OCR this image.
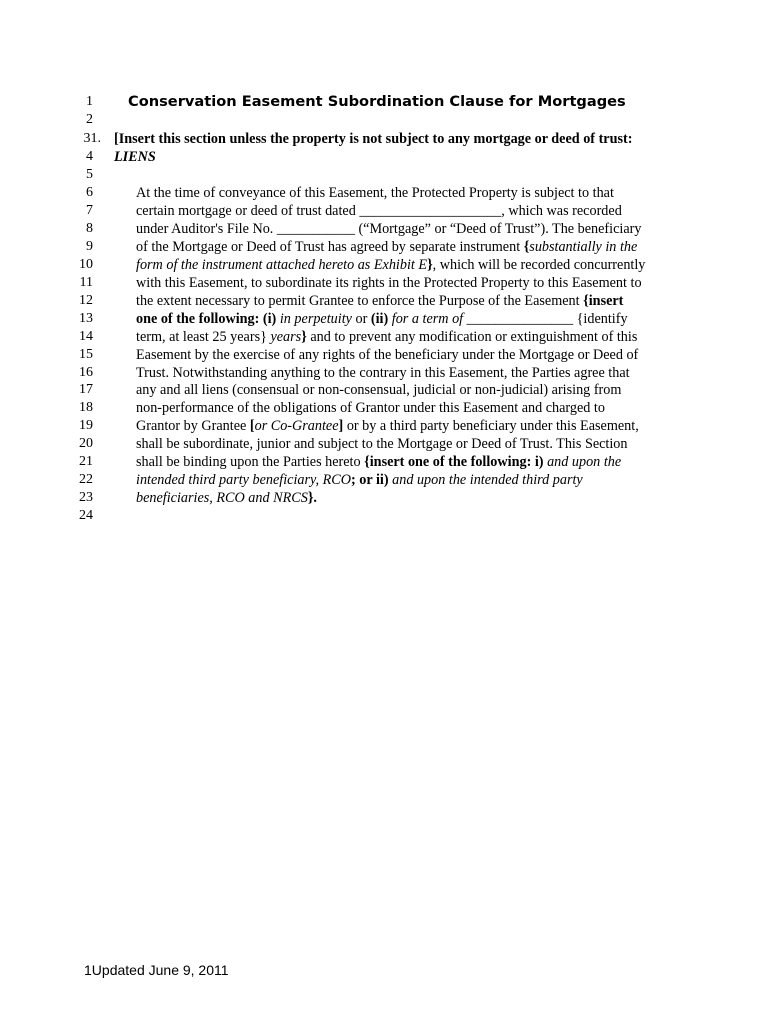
1
2
31.
4
5
6
7
8
9
10
11
12
13
14
15
16
17
18
19
20
21
22
23
24
Conservation Easement Subordination Clause for Mortgages
[Insert this section unless the property is not subject to any mortgage or deed of trust:
LIENS
At the time of conveyance of this Easement, the Protected Property is subject to that
certain mortgage or deed of trust dated ____________________, which was recorded
under Auditor's File No. ___________ (“Mortgage” or “Deed of Trust”). The beneficiary
of the Mortgage or Deed of Trust has agreed by separate instrument {substantially in the
form of the instrument attached hereto as Exhibit E}, which will be recorded concurrently
with this Easement, to subordinate its rights in the Protected Property to this Easement to
the extent necessary to permit Grantee to enforce the Purpose of the Easement {insert
one of the following: (i) in perpetuity or (ii) for a term of _______________ {identify
term, at least 25 years} years} and to prevent any modification or extinguishment of this
Easement by the exercise of any rights of the beneficiary under the Mortgage or Deed of
Trust. Notwithstanding anything to the contrary in this Easement, the Parties agree that
any and all liens (consensual or non-consensual, judicial or non-judicial) arising from
non-performance of the obligations of Grantor under this Easement and charged to
Grantor by Grantee [or Co-Grantee] or by a third party beneficiary under this Easement,
shall be subordinate, junior and subject to the Mortgage or Deed of Trust. This Section
shall be binding upon the Parties hereto {insert one of the following: i) and upon the
intended third party beneficiary, RCO; or ii) and upon the intended third party
beneficiaries, RCO and NRCS}.
1Updated June 9, 2011
